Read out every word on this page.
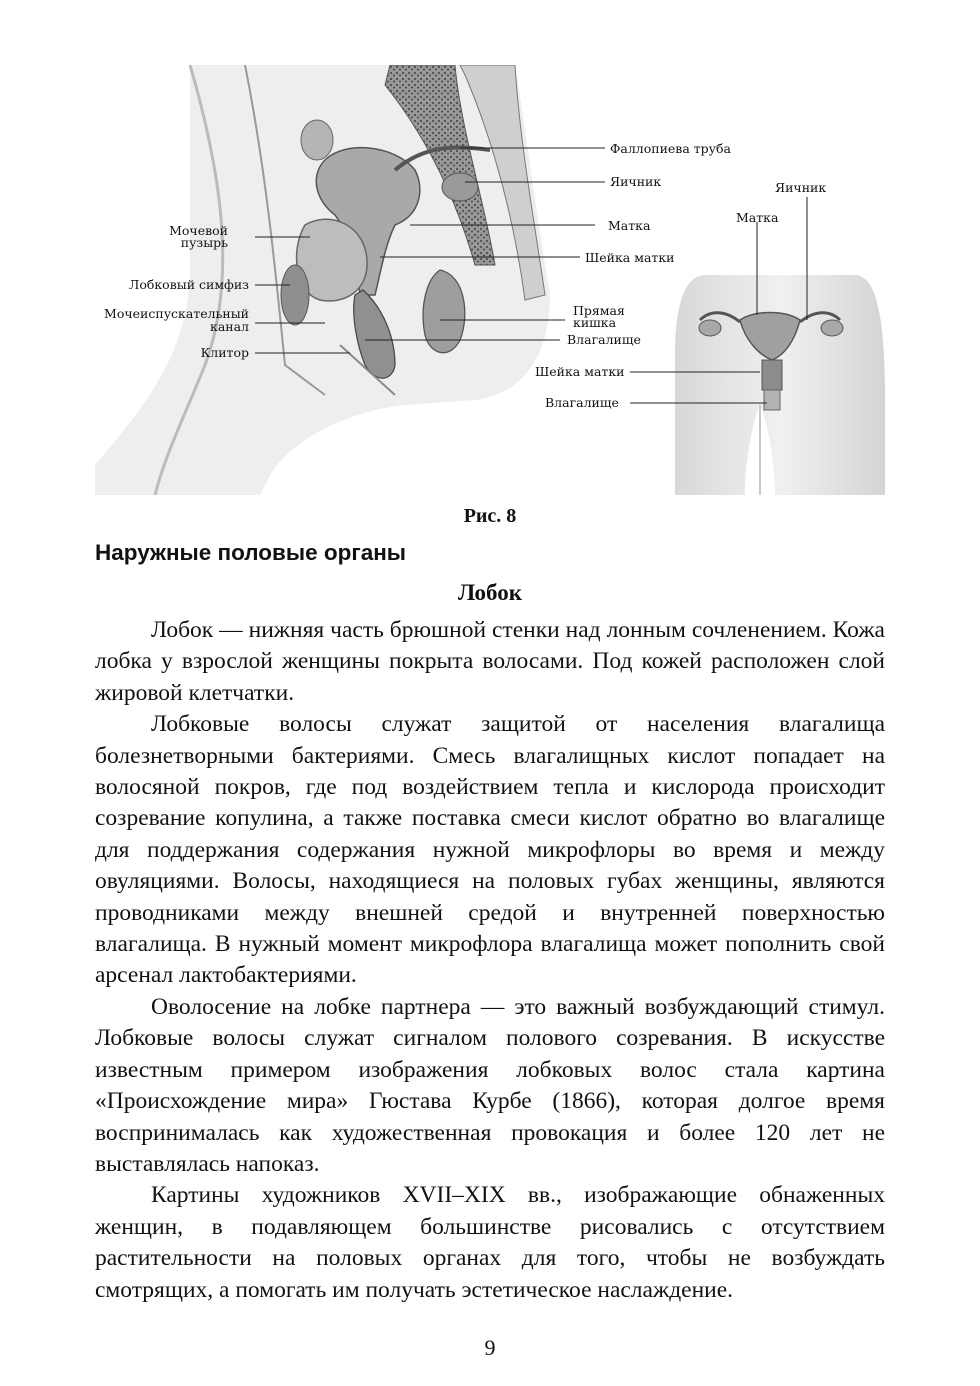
Фаллопиева труба
Яичник
Матка
Шейка матки
Прямая
кишка
Влагалище
Мочевой
пузырь
Лобковый симфиз
Мочеиспускательный
канал
Клитор
Яичник
Матка
Шейка матки
Влагалище
Рис. 8
Наружные половые органы
Лобок

Лобок — нижняя часть брюшной стенки над лонным сочленением. Кожа лобка у взрослой женщины покрыта волосами. Под кожей расположен слой жировой клетчатки.

Лобковые волосы служат защитой от населения влагалища болезнетворными бактериями. Смесь влагалищных кислот попадает на волосяной покров, где под воздействием тепла и кислорода происходит созревание копулина, а также поставка смеси кислот обратно во влагалище для поддержания содержания нужной микрофлоры во время и между овуляциями. Волосы, находящиеся на половых губах женщины, являются проводниками между внешней средой и внутренней поверхностью влагалища. В нужный момент микрофлора влагалища может пополнить свой арсенал лактобактериями.

Оволосение на лобке партнера — это важный возбуждающий стимул. Лобковые волосы служат сигналом полового созревания. В искусстве известным примером изображения лобковых волос стала картина «Происхождение мира» Гюстава Курбе (1866), которая долгое время воспринималась как художественная провокация и более 120 лет не выставлялась напоказ.

Картины художников XVII–XIX вв., изображающие обнаженных женщин, в подавляющем большинстве рисовались с отсутствием растительности на половых органах для того, чтобы не возбуждать смотрящих, а помогать им получать эстетическое наслаждение.

9
